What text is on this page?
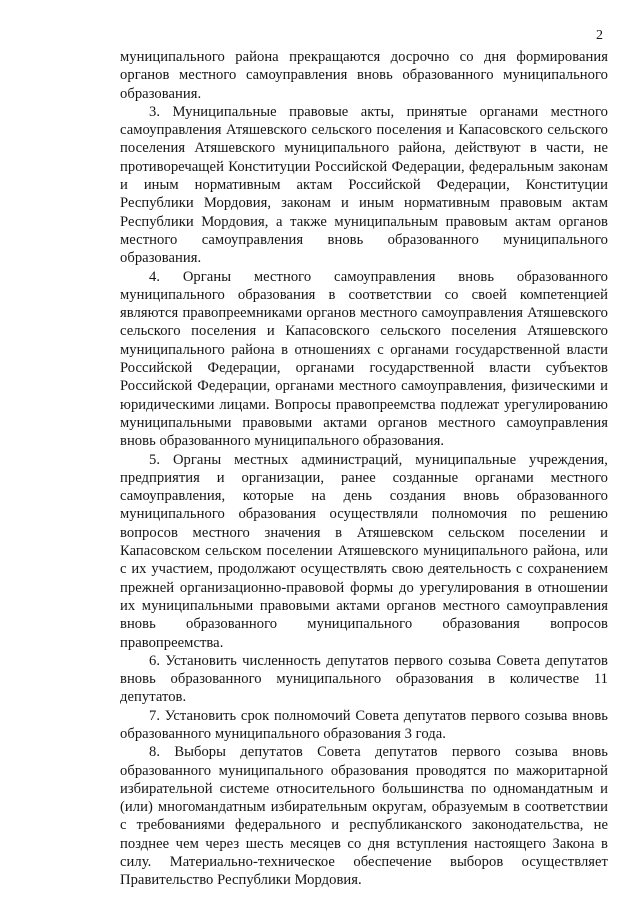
2

муниципального района прекращаются досрочно со дня формирования органов местного самоуправления вновь образованного муниципального образования.

3. Муниципальные правовые акты, принятые органами местного самоуправления Атяшевского сельского поселения и Капасовского сельского поселения Атяшевского муниципального района, действуют в части, не противоречащей Конституции Российской Федерации, федеральным законам и иным нормативным актам Российской Федерации, Конституции Республики Мордовия, законам и иным нормативным правовым актам Республики Мордовия, а также муниципальным правовым актам органов местного самоуправления вновь образованного муниципального образования.

4. Органы местного самоуправления вновь образованного муниципального образования в соответствии со своей компетенцией являются правопреемниками органов местного самоуправления Атяшевского сельского поселения и Капасовского сельского поселения Атяшевского муниципального района в отношениях с органами государственной власти Российской Федерации, органами государственной власти субъектов Российской Федерации, органами местного самоуправления, физическими и юридическими лицами. Вопросы правопреемства подлежат урегулированию муниципальными правовыми актами органов местного самоуправления вновь образованного муниципального образования.

5. Органы местных администраций, муниципальные учреждения, предприятия и организации, ранее созданные органами местного самоуправления, которые на день создания вновь образованного муниципального образования осуществляли полномочия по решению вопросов местного значения в Атяшевском сельском поселении и Капасовском сельском поселении Атяшевского муниципального района, или с их участием, продолжают осуществлять свою деятельность с сохранением прежней организационно-правовой формы до урегулирования в отношении их муниципальными правовыми актами органов местного самоуправления вновь образованного муниципального образования вопросов правопреемства.

6. Установить численность депутатов первого созыва Совета депутатов вновь образованного муниципального образования в количестве 11 депутатов.

7. Установить срок полномочий Совета депутатов первого созыва вновь образованного муниципального образования 3 года.

8. Выборы депутатов Совета депутатов первого созыва вновь образованного муниципального образования проводятся по мажоритарной избирательной системе относительного большинства по одномандатным и (или) многомандатным избирательным округам, образуемым в соответствии с требованиями федерального и республиканского законодательства, не позднее чем через шесть месяцев со дня вступления настоящего Закона в силу. Материально-техническое обеспечение выборов осуществляет Правительство Республики Мордовия.
